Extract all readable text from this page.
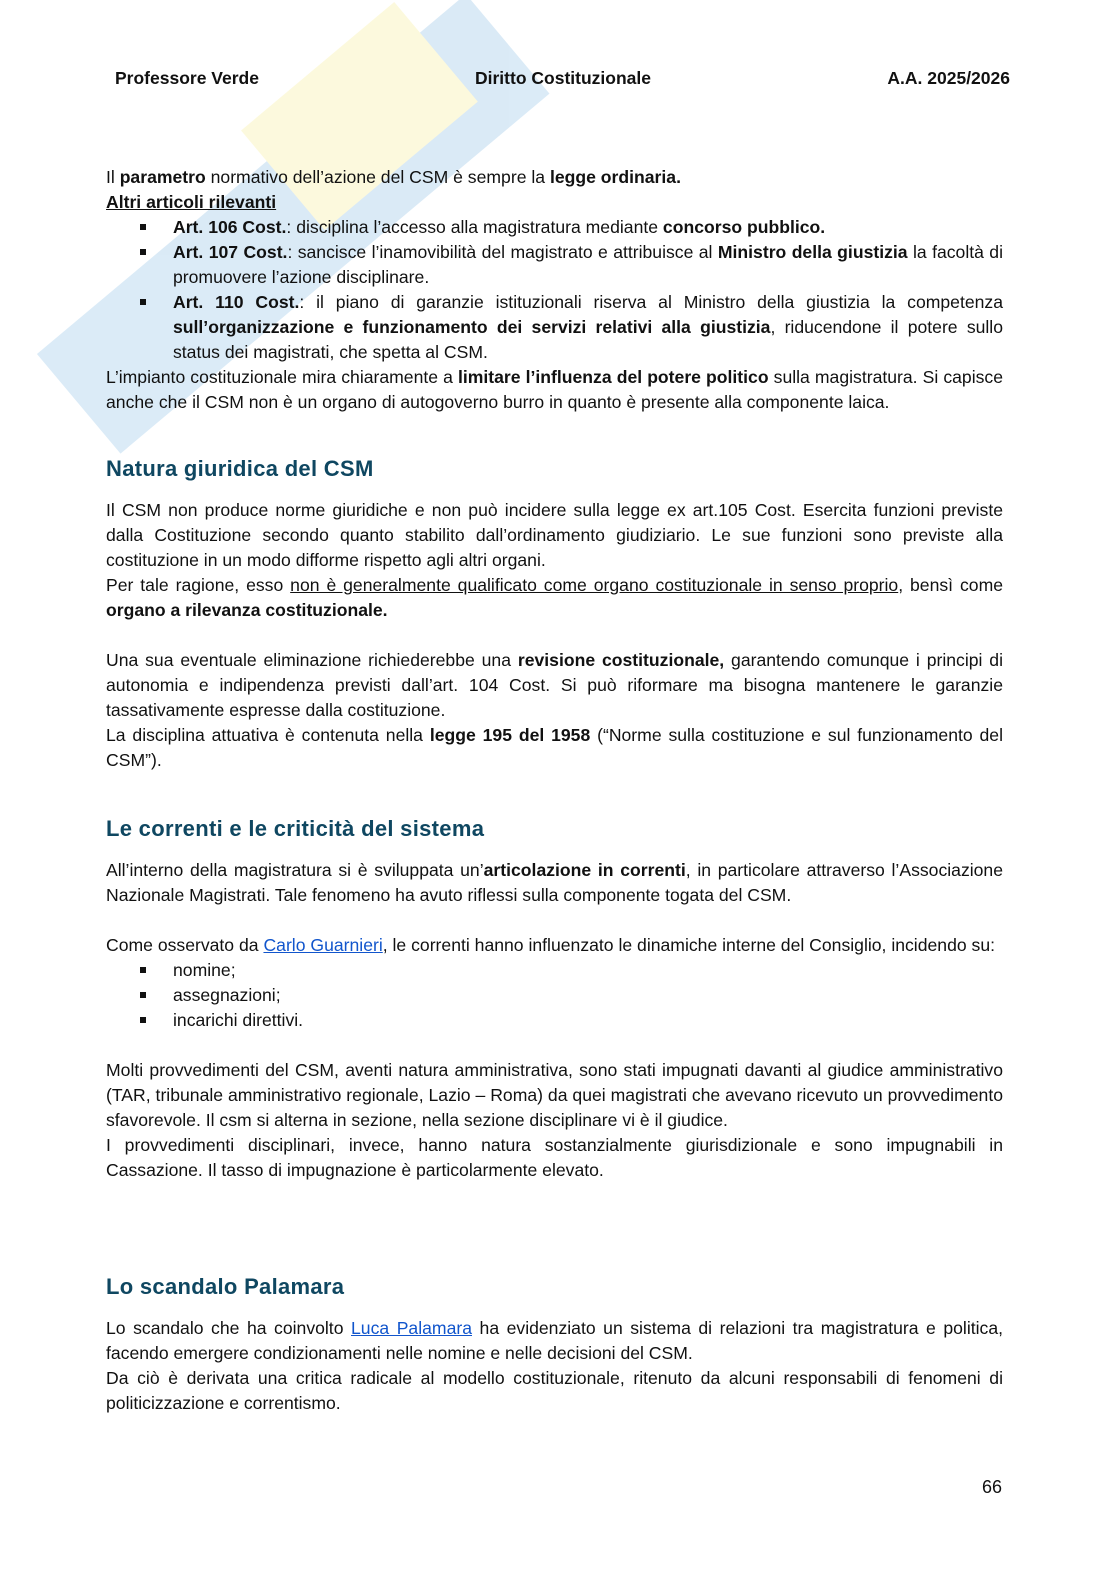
Professore Verde	Diritto Costituzionale	A.A. 2025/2026

Il parametro normativo dell’azione del CSM è sempre la legge ordinaria.

Altri articoli rilevanti

Art. 106 Cost.: disciplina l’accesso alla magistratura mediante concorso pubblico.
Art. 107 Cost.: sancisce l’inamovibilità del magistrato e attribuisce al Ministro della giustizia la facoltà di promuovere l’azione disciplinare.
Art. 110 Cost.: il piano di garanzie istituzionali riserva al Ministro della giustizia la competenza sull’organizzazione e funzionamento dei servizi relativi alla giustizia, riducendone il potere sullo status dei magistrati, che spetta al CSM.

L’impianto costituzionale mira chiaramente a limitare l’influenza del potere politico sulla magistratura. Si capisce anche che il CSM non è un organo di autogoverno burro in quanto è presente alla componente laica.

Natura giuridica del CSM

Il CSM non produce norme giuridiche e non può incidere sulla legge ex art.105 Cost. Esercita funzioni previste dalla Costituzione secondo quanto stabilito dall’ordinamento giudiziario. Le sue funzioni sono previste alla costituzione in un modo difforme rispetto agli altri organi.

Per tale ragione, esso non è generalmente qualificato come organo costituzionale in senso proprio, bensì come organo a rilevanza costituzionale.

Una sua eventuale eliminazione richiederebbe una revisione costituzionale, garantendo comunque i principi di autonomia e indipendenza previsti dall’art. 104 Cost. Si può riformare ma bisogna mantenere le garanzie tassativamente espresse dalla costituzione.

La disciplina attuativa è contenuta nella legge 195 del 1958 (“Norme sulla costituzione e sul funzionamento del CSM”).

Le correnti e le criticità del sistema

All’interno della magistratura si è sviluppata un’articolazione in correnti, in particolare attraverso l’Associazione Nazionale Magistrati. Tale fenomeno ha avuto riflessi sulla componente togata del CSM.

Come osservato da Carlo Guarnieri, le correnti hanno influenzato le dinamiche interne del Consiglio, incidendo su:

nomine;
assegnazioni;
incarichi direttivi.

Molti provvedimenti del CSM, aventi natura amministrativa, sono stati impugnati davanti al giudice amministrativo (TAR, tribunale amministrativo regionale, Lazio – Roma) da quei magistrati che avevano ricevuto un provvedimento sfavorevole. Il csm si alterna in sezione, nella sezione disciplinare vi è il giudice.

I provvedimenti disciplinari, invece, hanno natura sostanzialmente giurisdizionale e sono impugnabili in Cassazione. Il tasso di impugnazione è particolarmente elevato.

Lo scandalo Palamara

Lo scandalo che ha coinvolto Luca Palamara ha evidenziato un sistema di relazioni tra magistratura e politica, facendo emergere condizionamenti nelle nomine e nelle decisioni del CSM.

Da ciò è derivata una critica radicale al modello costituzionale, ritenuto da alcuni responsabili di fenomeni di politicizzazione e correntismo.

66
